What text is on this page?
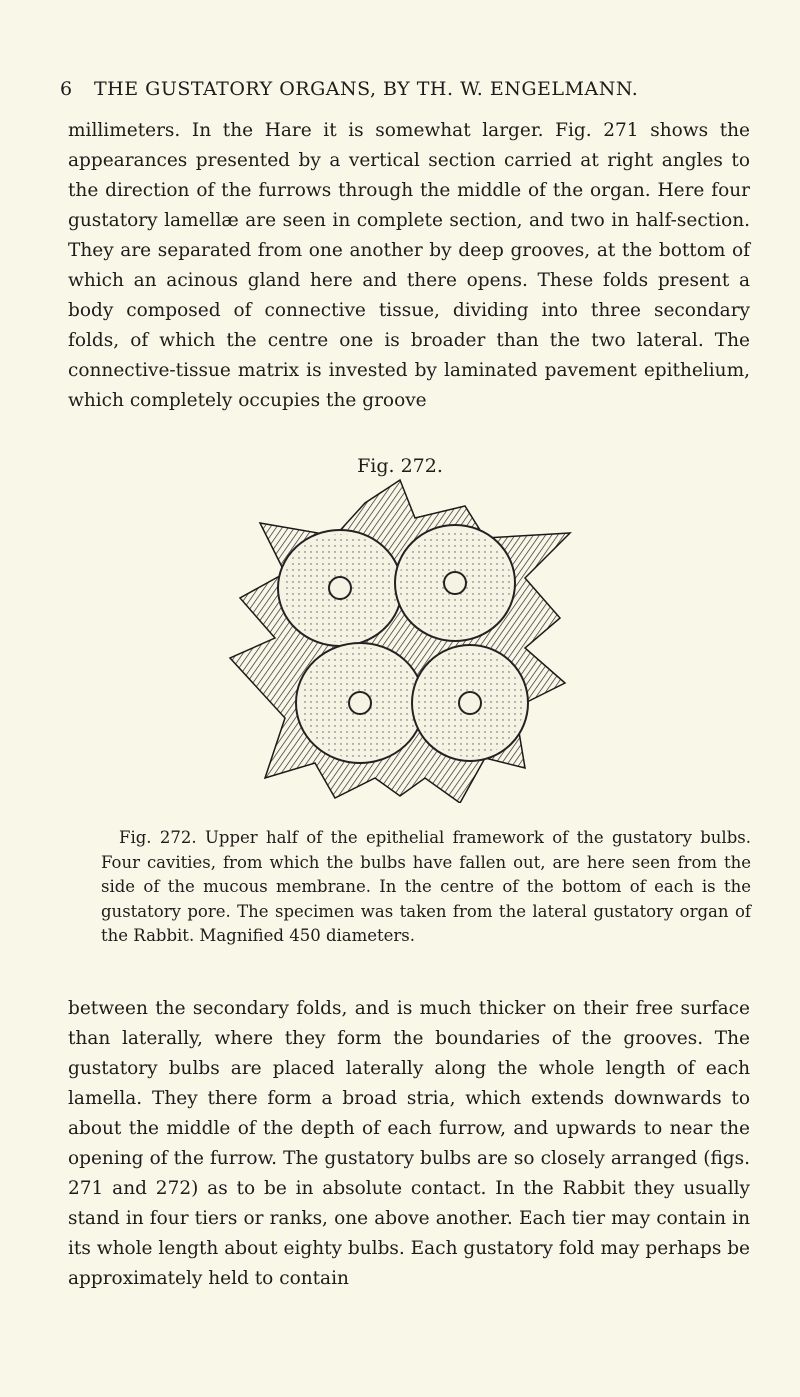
6 THE GUSTATORY ORGANS, BY TH. W. ENGELMANN.

millimeters. In the Hare it is somewhat larger. Fig. 271 shows the appearances presented by a vertical section carried at right angles to the direction of the furrows through the middle of the organ. Here four gustatory lamellæ are seen in complete section, and two in half-section. They are separated from one another by deep grooves, at the bottom of which an acinous gland here and there opens. These folds present a body composed of connective tissue, dividing into three secondary folds, of which the centre one is broader than the two lateral. The connective-tissue matrix is invested by laminated pavement epithelium, which completely occupies the groove

Fig. 272.

Fig. 272. Upper half of the epithelial framework of the gustatory bulbs. Four cavities, from which the bulbs have fallen out, are here seen from the side of the mucous membrane. In the centre of the bottom of each is the gustatory pore. The specimen was taken from the lateral gustatory organ of the Rabbit. Magnified 450 diameters.

between the secondary folds, and is much thicker on their free surface than laterally, where they form the boundaries of the grooves. The gustatory bulbs are placed laterally along the whole length of each lamella. They there form a broad stria, which extends downwards to about the middle of the depth of each furrow, and upwards to near the opening of the furrow. The gustatory bulbs are so closely arranged (figs. 271 and 272) as to be in absolute contact. In the Rabbit they usually stand in four tiers or ranks, one above another. Each tier may contain in its whole length about eighty bulbs. Each gustatory fold may perhaps be approximately held to contain
